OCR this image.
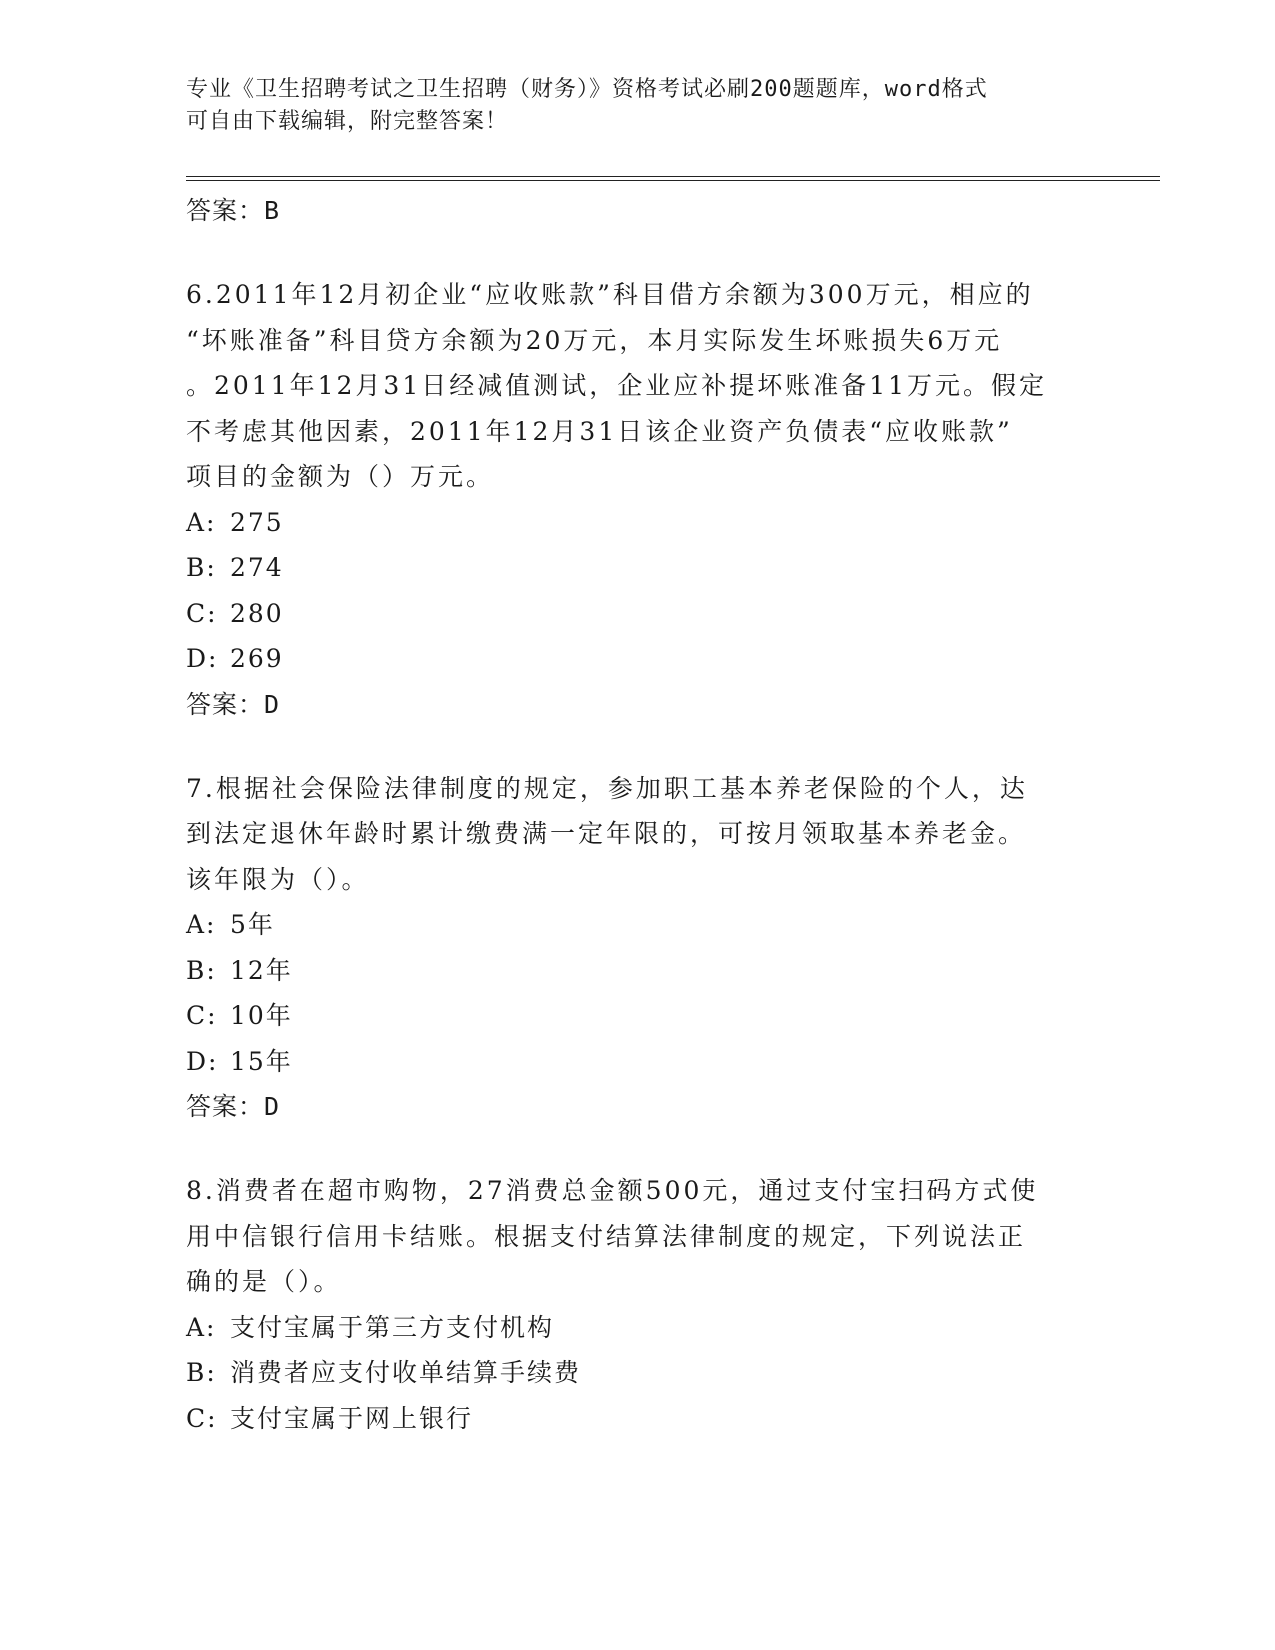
专业《卫生招聘考试之卫生招聘（财务）》资格考试必刷200题题库，word格式
可自由下载编辑，附完整答案！
答案：B
6.2011年12月初企业“应收账款”科目借方余额为300万元，相应的
“坏账准备”科目贷方余额为20万元，本月实际发生坏账损失6万元
。2011年12月31日经减值测试，企业应补提坏账准备11万元。假定
不考虑其他因素，2011年12月31日该企业资产负债表“应收账款”
项目的金额为（）万元。
A: 275
B: 274
C: 280
D: 269
答案：D
7.根据社会保险法律制度的规定，参加职工基本养老保险的个人，达
到法定退休年龄时累计缴费满一定年限的，可按月领取基本养老金。
该年限为（）。
A: 5年
B: 12年
C: 10年
D: 15年
答案：D
8.消费者在超市购物，27消费总金额500元，通过支付宝扫码方式使
用中信银行信用卡结账。根据支付结算法律制度的规定，下列说法正
确的是（）。
A: 支付宝属于第三方支付机构
B: 消费者应支付收单结算手续费
C: 支付宝属于网上银行
